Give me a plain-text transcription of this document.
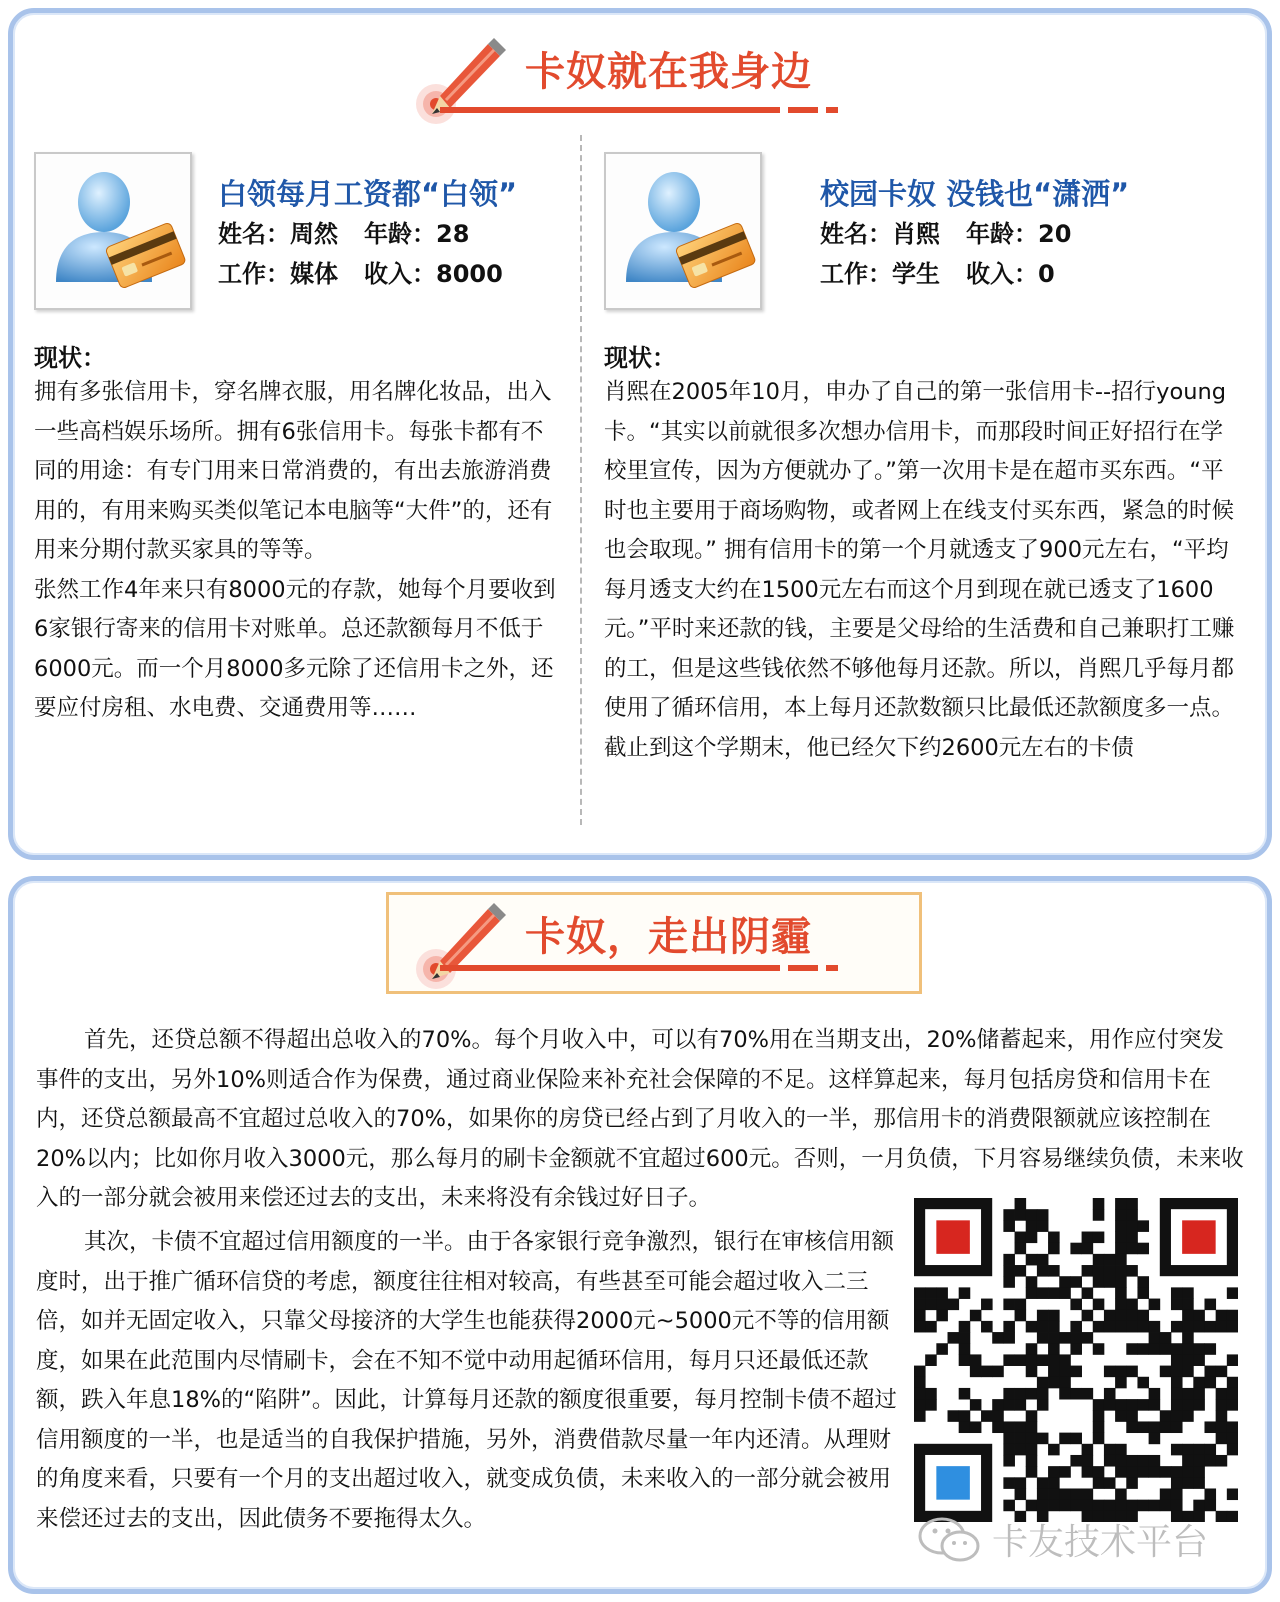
卡奴就在我身边
白领每月工资都“白领”
姓名：周然 年龄：28
工作：媒体 收入：8000
现状：
拥有多张信用卡，穿名牌衣服，用名牌化妆品，出入一些高档娱乐场所。拥有6张信用卡。每张卡都有不同的用途：有专门用来日常消费的，有出去旅游消费用的，有用来购买类似笔记本电脑等“大件”的，还有用来分期付款买家具的等等。
张然工作4年来只有8000元的存款，她每个月要收到6家银行寄来的信用卡对账单。总还款额每月不低于6000元。而一个月8000多元除了还信用卡之外，还要应付房租、水电费、交通费用等……
校园卡奴 没钱也“潇洒”
姓名：肖熙 年龄：20
工作：学生 收入：0
现状：
肖熙在2005年10月，申办了自己的第一张信用卡--招行young卡。“其实以前就很多次想办信用卡，而那段时间正好招行在学校里宣传，因为方便就办了。”第一次用卡是在超市买东西。“平时也主要用于商场购物，或者网上在线支付买东西，紧急的时候也会取现。” 拥有信用卡的第一个月就透支了900元左右，“平均每月透支大约在1500元左右而这个月到现在就已透支了1600元。”平时来还款的钱，主要是父母给的生活费和自己兼职打工赚的工，但是这些钱依然不够他每月还款。所以，肖熙几乎每月都使用了循环信用，本上每月还款数额只比最低还款额度多一点。截止到这个学期末，他已经欠下约2600元左右的卡债
卡奴，走出阴霾
首先，还贷总额不得超出总收入的70%。每个月收入中，可以有70%用在当期支出，20%储蓄起来，用作应付突发事件的支出，另外10%则适合作为保费，通过商业保险来补充社会保障的不足。这样算起来，每月包括房贷和信用卡在内，还贷总额最高不宜超过总收入的70%，如果你的房贷已经占到了月收入的一半，那信用卡的消费限额就应该控制在20%以内；比如你月收入3000元，那么每月的刷卡金额就不宜超过600元。否则，一月负债，下月容易继续负债，未来收入的一部分就会被用来偿还过去的支出，未来将没有余钱过好日子。
其次，卡债不宜超过信用额度的一半。由于各家银行竞争激烈，银行在审核信用额度时，出于推广循环信贷的考虑，额度往往相对较高，有些甚至可能会超过收入二三倍，如并无固定收入，只靠父母接济的大学生也能获得2000元~5000元不等的信用额度，如果在此范围内尽情刷卡，会在不知不觉中动用起循环信用，每月只还最低还款额，跌入年息18%的“陷阱”。因此，计算每月还款的额度很重要，每月控制卡债不超过信用额度的一半，也是适当的自我保护措施，另外，消费借款尽量一年内还清。从理财的角度来看，只要有一个月的支出超过收入，就变成负债，未来收入的一部分就会被用来偿还过去的支出，因此债务不要拖得太久。
卡友技术平台
